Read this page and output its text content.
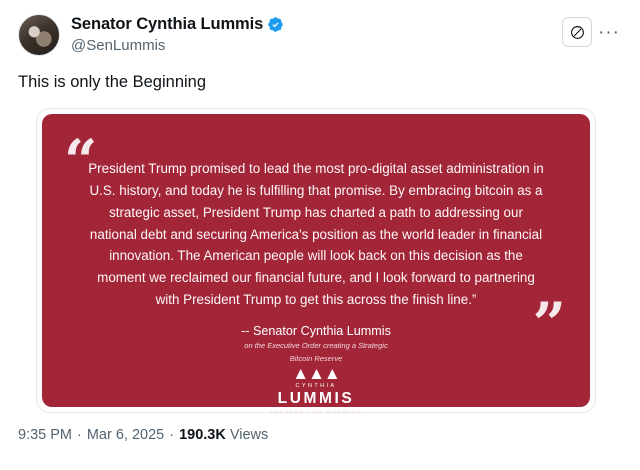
Senator Cynthia Lummis
@SenLummis
···
This is only the Beginning
“
”
President Trump promised to lead the most pro-digital asset administration in U.S. history, and today he is fulfilling that promise. By embracing bitcoin as a strategic asset, President Trump has charted a path to addressing our national debt and securing America's position as the world leader in financial innovation. The American people will look back on this decision as the moment we reclaimed our financial future, and I look forward to partnering with President Trump to get this across the finish line.”
-- Senator Cynthia Lummis
on the Executive Order creating a Strategic
Bitcoin Reserve
▲▲▲
CYNTHIA
LUMMIS
SENATOR FOR WYOMING
9:35 PM · Mar 6, 2025 · 190.3K Views
